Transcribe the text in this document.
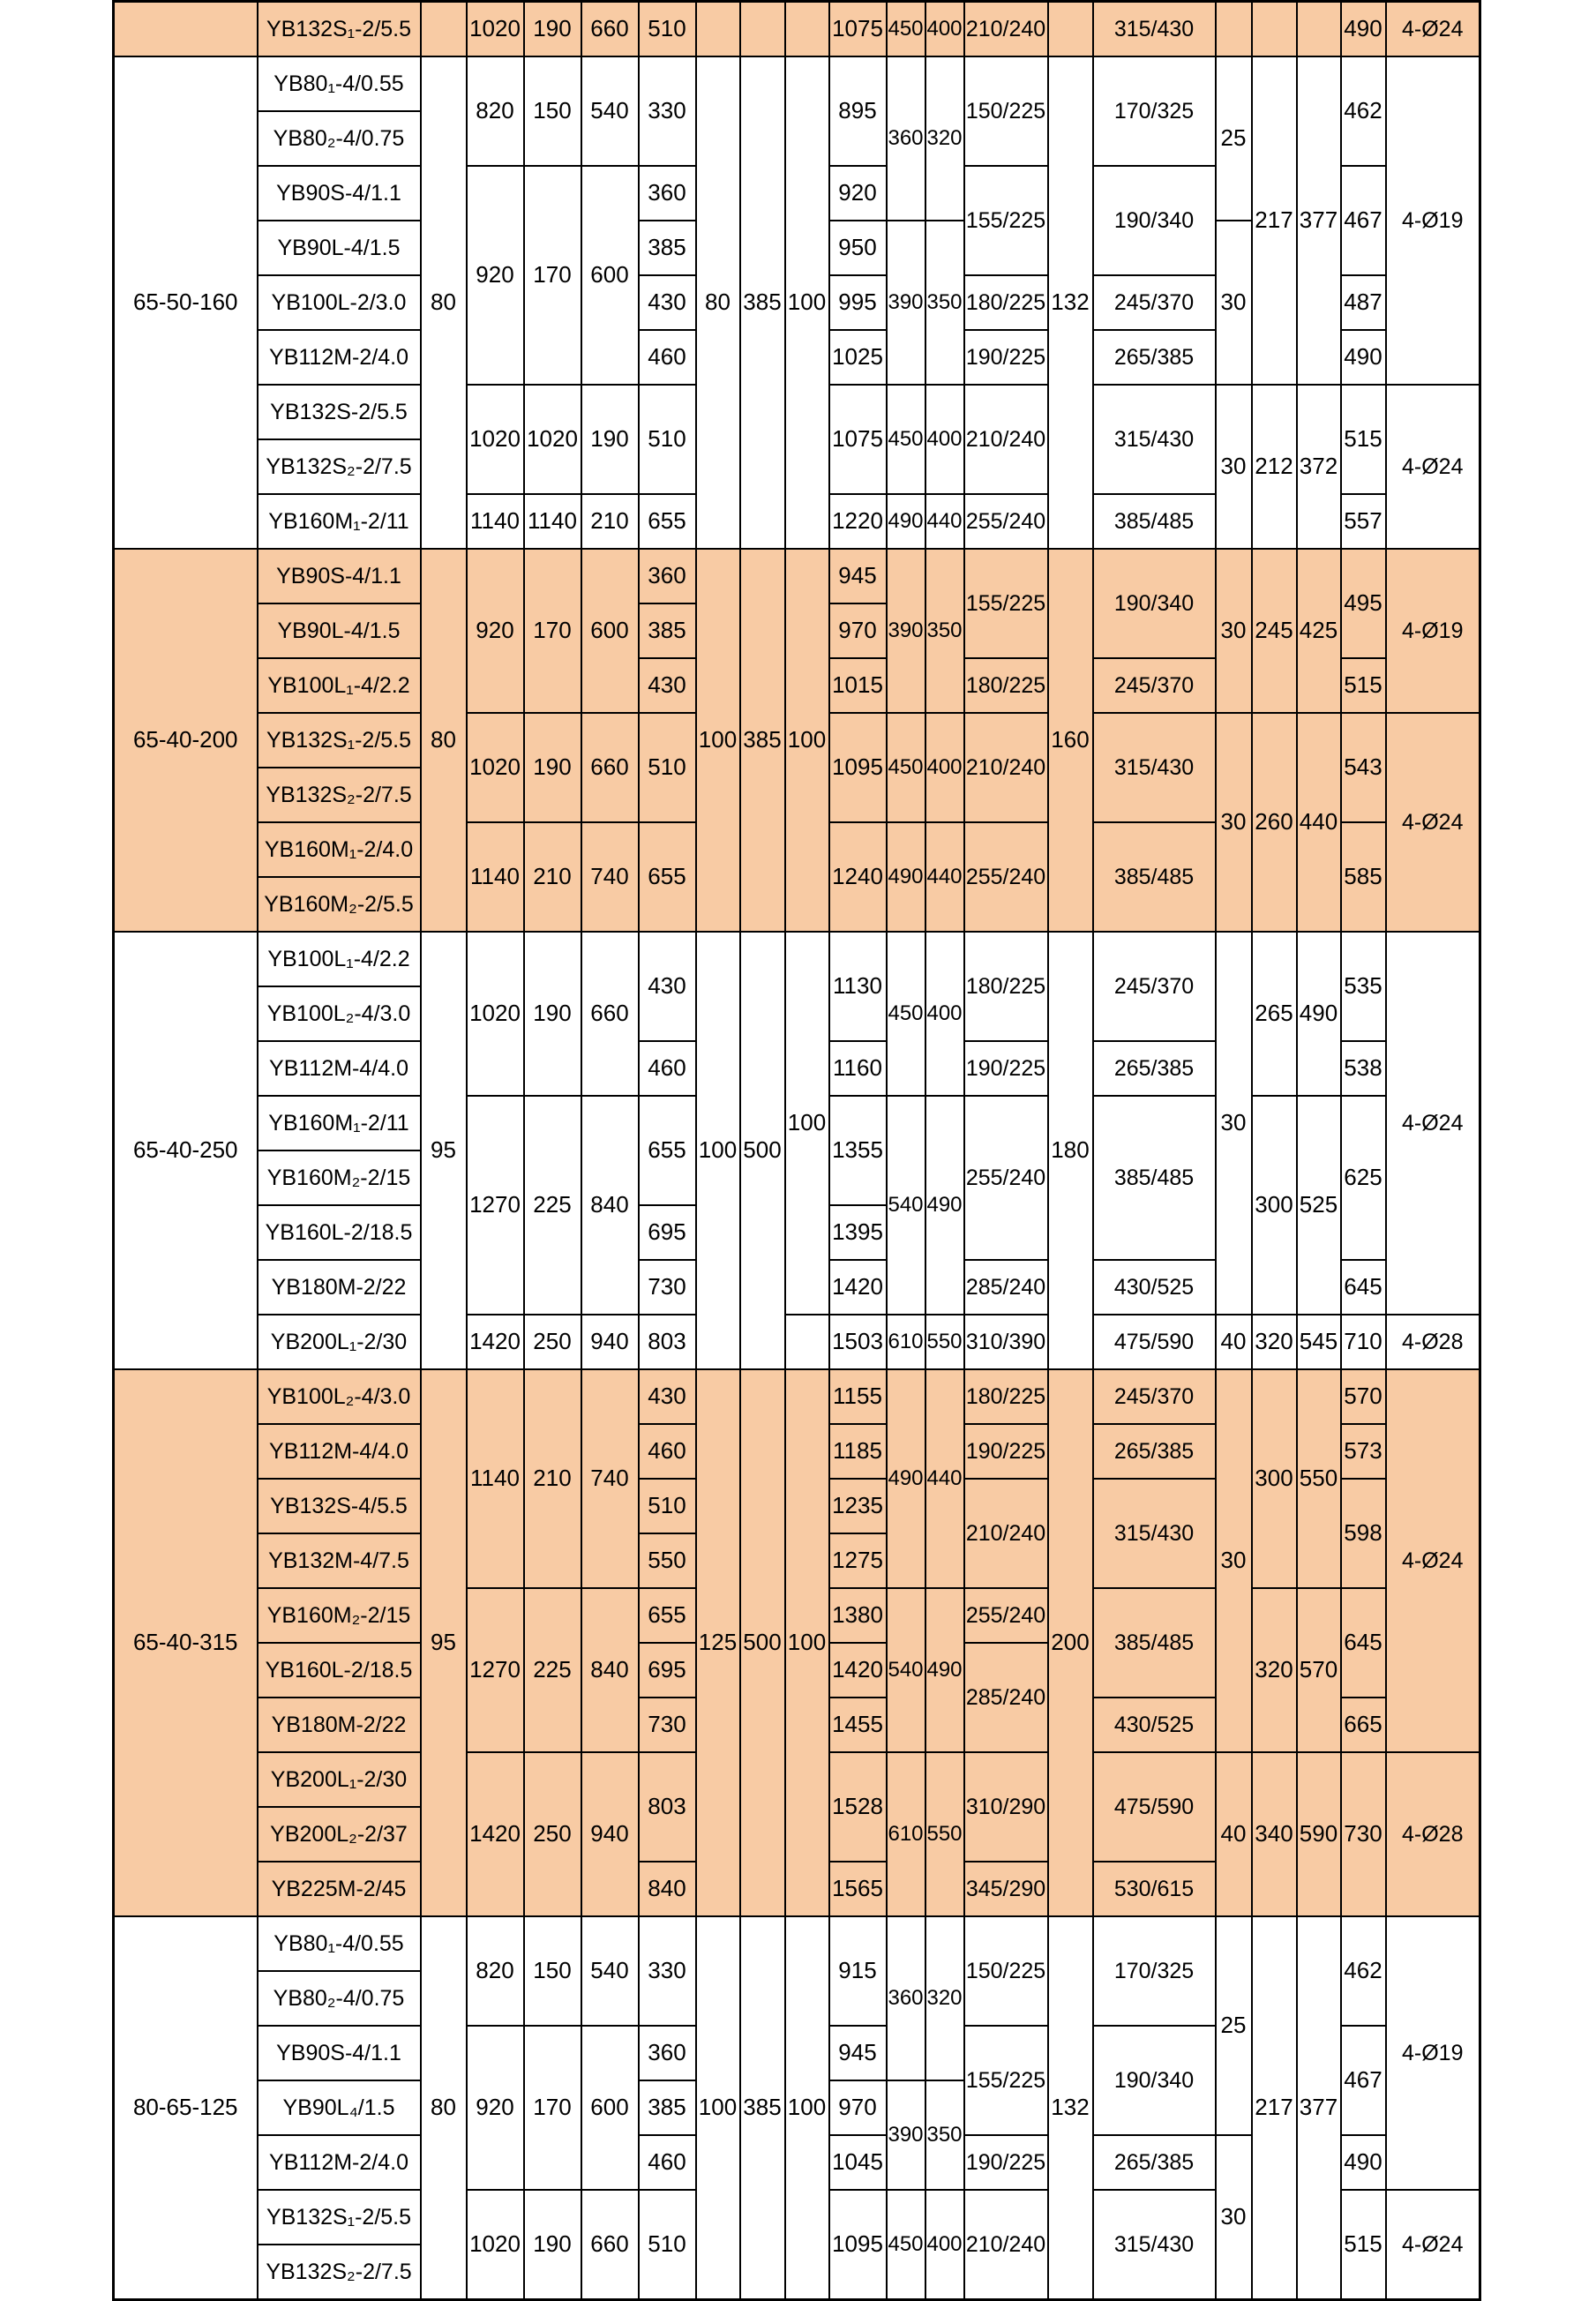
	YB132S₁-2/5.5		1020	190	660	510				1075	450	400	210/240		315/430				490	4-Ø24
65-50-160	YB80₁-4/0.55	80	820	150	540	330	80	385	100	895	360	320	150/225	132	170/325	25	217	377	462	4-Ø19
	YB80₂-4/0.75																			
	YB90S-4/1.1		920	170	600	360				920			155/225		190/340				467	
	YB90L-4/1.5					385				950	390	350				30				
	YB100L-2/3.0					430				995			180/225		245/370				487	
	YB112M-2/4.0					460				1025			190/225		265/385				490	
	YB132S-2/5.5		1020	1020	190	510				1075	450	400	210/240		315/430	30	212	372	515	4-Ø24
	YB132S₂-2/7.5																			
	YB160M₁-2/11		1140	1140	210	655				1220	490	440	255/240		385/485				557	
65-40-200	YB90S-4/1.1	80	920	170	600	360	100	385	100	945	390	350	155/225	160	190/340	30	245	425	495	4-Ø19
	YB90L-4/1.5					385				970										
	YB100L₁-4/2.2					430				1015			180/225		245/370				515	
	YB132S₁-2/5.5		1020	190	660	510				1095	450	400	210/240		315/430	30	260	440	543	4-Ø24
	YB132S₂-2/7.5																			
	YB160M₁-2/4.0		1140	210	740	655				1240	490	440	255/240		385/485				585	
	YB160M₂-2/5.5																			
65-40-250	YB100L₁-4/2.2	95	1020	190	660	430	100	500	100	1130	450	400	180/225	180	245/370	30	265	490	535	4-Ø24
	YB100L₂-4/3.0																			
	YB112M-4/4.0					460				1160			190/225		265/385				538	
	YB160M₁-2/11		1270	225	840	655				1355	540	490	255/240		385/485		300	525	625	
	YB160M₂-2/15																			
	YB160L-2/18.5					695				1395										
	YB180M-2/22					730				1420			285/240		430/525				645	
	YB200L₁-2/30		1420	250	940	803				1503	610	550	310/390		475/590	40	320	545	710	4-Ø28
65-40-315	YB100L₂-4/3.0	95	1140	210	740	430	125	500	100	1155	490	440	180/225	200	245/370	30	300	550	570	4-Ø24
	YB112M-4/4.0					460				1185			190/225		265/385				573	
	YB132S-4/5.5					510				1235			210/240		315/430				598	
	YB132M-4/7.5					550				1275										
	YB160M₂-2/15		1270	225	840	655				1380	540	490	255/240		385/485		320	570	645	
	YB160L-2/18.5					695				1420			285/240							
	YB180M-2/22					730				1455					430/525				665	
	YB200L₁-2/30		1420	250	940	803				1528	610	550	310/290		475/590	40	340	590	730	4-Ø28
	YB200L₂-2/37																			
	YB225M-2/45					840				1565			345/290		530/615					
80-65-125	YB80₁-4/0.55	80	820	150	540	330	100	385	100	915	360	320	150/225	132	170/325	25	217	377	462	4-Ø19
	YB80₂-4/0.75																			
	YB90S-4/1.1		920	170	600	360				945			155/225		190/340				467	
	YB90L₄/1.5					385				970	390	350								
	YB112M-2/4.0					460				1045			190/225		265/385	30			490	
	YB132S₁-2/5.5		1020	190	660	510				1095	450	400	210/240		315/430				515	4-Ø24
	YB132S₂-2/7.5																			
